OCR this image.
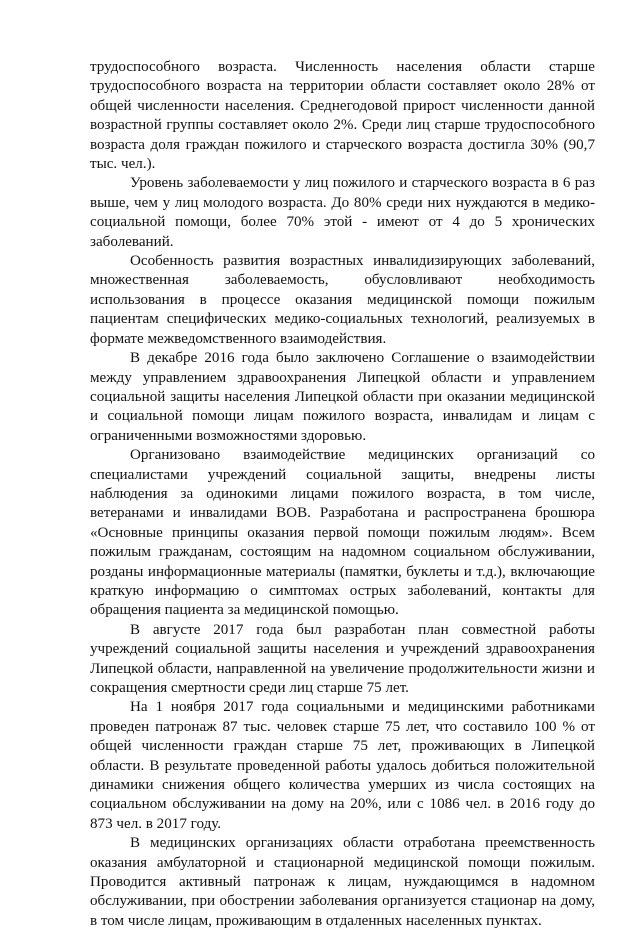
трудоспособного возраста. Численность населения области старше трудоспособного возраста на территории области составляет около 28% от общей численности населения. Среднегодовой прирост численности данной возрастной группы составляет около 2%. Среди лиц старше трудоспособного возраста доля граждан пожилого и старческого возраста достигла 30% (90,7 тыс. чел.).

Уровень заболеваемости у лиц пожилого и старческого возраста в 6 раз выше, чем у лиц молодого возраста. До 80% среди них нуждаются в медико-социальной помощи, более 70% этой - имеют от 4 до 5 хронических заболеваний.

Особенность развития возрастных инвалидизирующих заболеваний, множественная заболеваемость, обусловливают необходимость использования в процессе оказания медицинской помощи пожилым пациентам специфических медико-социальных технологий, реализуемых в формате межведомственного взаимодействия.

В декабре 2016 года было заключено Соглашение о взаимодействии между управлением здравоохранения Липецкой области и управлением социальной защиты населения Липецкой области при оказании медицинской и социальной помощи лицам пожилого возраста, инвалидам и лицам с ограниченными возможностями здоровью.

Организовано взаимодействие медицинских организаций со специалистами учреждений социальной защиты, внедрены листы наблюдения за одинокими лицами пожилого возраста, в том числе, ветеранами и инвалидами ВОВ. Разработана и распространена брошюра «Основные принципы оказания первой помощи пожилым людям». Всем пожилым гражданам, состоящим на надомном социальном обслуживании, розданы информационные материалы (памятки, буклеты и т.д.), включающие краткую информацию о симптомах острых заболеваний, контакты для обращения пациента за медицинской помощью.

В августе 2017 года был разработан план совместной работы учреждений социальной защиты населения и учреждений здравоохранения Липецкой области, направленной на увеличение продолжительности жизни и сокращения смертности среди лиц старше 75 лет.

На 1 ноября 2017 года социальными и медицинскими работниками проведен патронаж 87 тыс. человек старше 75 лет, что составило 100 % от общей численности граждан старше 75 лет, проживающих в Липецкой области. В результате проведенной работы удалось добиться положительной динамики снижения общего количества умерших из числа состоящих на социальном обслуживании на дому на 20%, или с 1086 чел. в 2016 году до 873 чел. в 2017 году.

В медицинских организациях области отработана преемственность оказания амбулаторной и стационарной медицинской помощи пожилым. Проводится активный патронаж к лицам, нуждающимся в надомном обслуживании, при обострении заболевания организуется стационар на дому, в том числе лицам, проживающим в отдаленных населенных пунктах.
